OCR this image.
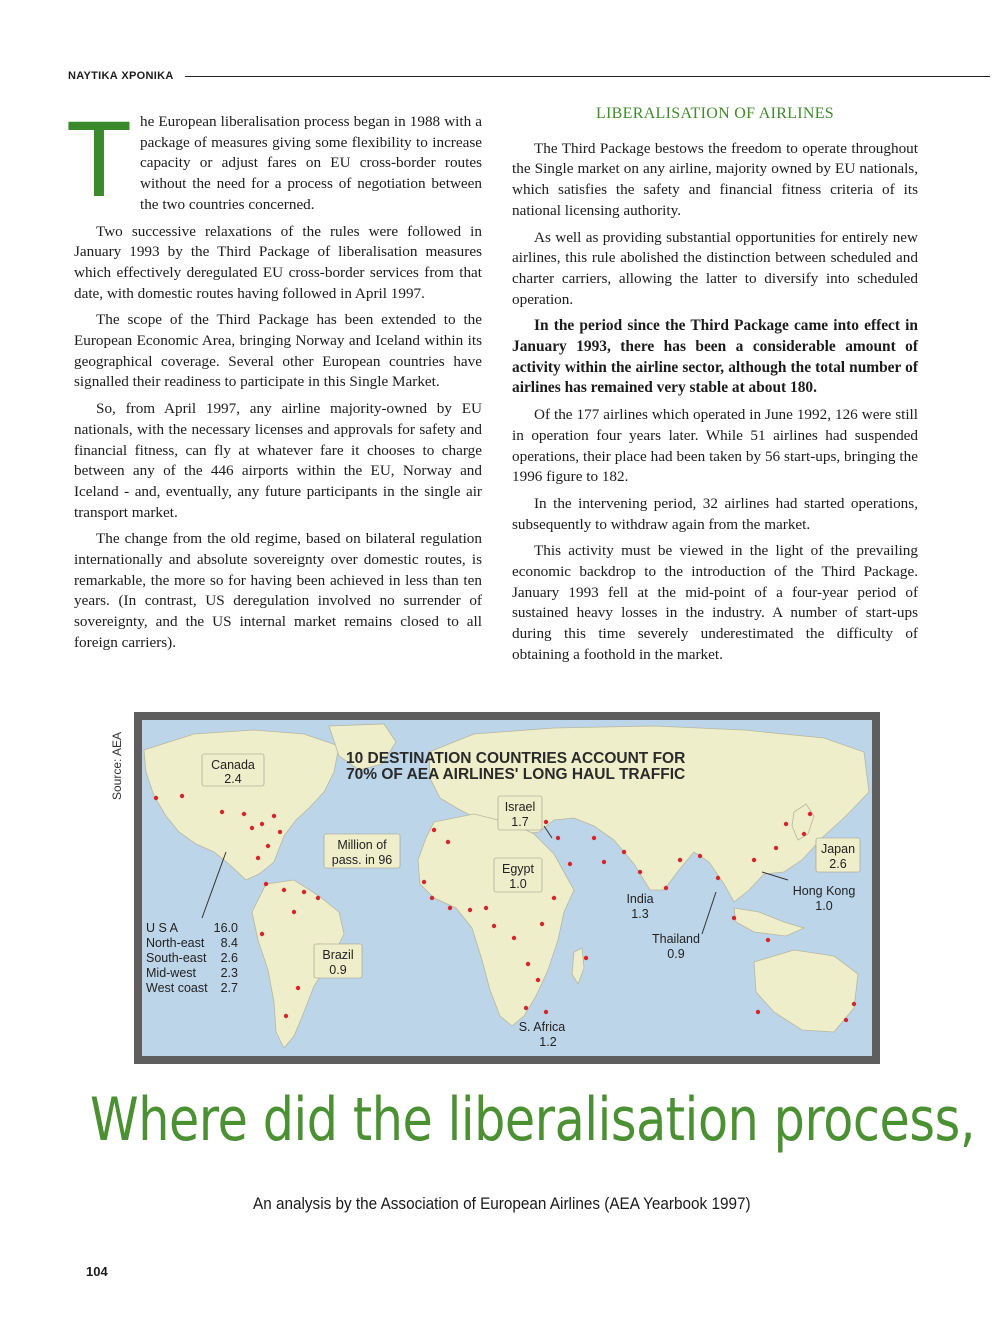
ΝΑΥΤΙΚΑ ΧΡΟΝΙΚΑ

The European liberalisation process began in 1988 with a package of measures giving some flexibility to increase capacity or adjust fares on EU cross-border routes without the need for a process of negotiation between the two countries concerned.

Two successive relaxations of the rules were followed in January 1993 by the Third Package of liberalisation measures which effectively deregulated EU cross-border services from that date, with domestic routes having followed in April 1997.

The scope of the Third Package has been extended to the European Economic Area, bringing Norway and Iceland within its geographical coverage. Several other European countries have signalled their readiness to participate in this Single Market.

So, from April 1997, any airline majority-owned by EU nationals, with the necessary licenses and approvals for safety and financial fitness, can fly at whatever fare it chooses to charge between any of the 446 airports within the EU, Norway and Iceland - and, eventually, any future participants in the single air transport market.

The change from the old regime, based on bilateral regulation internationally and absolute sovereignty over domestic routes, is remarkable, the more so for having been achieved in less than ten years. (In contrast, US deregulation involved no surrender of sovereignty, and the US internal market remains closed to all foreign carriers).

LIBERALISATION OF AIRLINES

The Third Package bestows the freedom to operate throughout the Single market on any airline, majority owned by EU nationals, which satisfies the safety and financial fitness criteria of its national licensing authority.

As well as providing substantial opportunities for entirely new airlines, this rule abolished the distinction between scheduled and charter carriers, allowing the latter to diversify into scheduled operation.

In the period since the Third Package came into effect in January 1993, there has been a considerable amount of activity within the airline sector, although the total number of airlines has remained very stable at about 180.

Of the 177 airlines which operated in June 1992, 126 were still in operation four years later. While 51 airlines had suspended operations, their place had been taken by 56 start-ups, bringing the 1996 figure to 182.

In the intervening period, 32 airlines had started operations, subsequently to withdraw again from the market.

This activity must be viewed in the light of the prevailing economic backdrop to the introduction of the Third Package. January 1993 fell at the mid-point of a four-year period of sustained heavy losses in the industry. A number of start-ups during this time severely underestimated the difficulty of obtaining a foothold in the market.

Source: AEA	10 DESTINATION COUNTRIES ACCOUNT FOR
70% OF AEA AIRLINES' LONG HAUL TRAFFIC
Canada
2.4
Israel
1.7
Egypt
1.0
Million of
pass. in 96
Brazil
0.9
India
1.3
Thailand
0.9
Japan
2.6
Hong Kong
1.0
S. Africa
1.2
U S A	16.0
North-east 8.4
South-east 2.6
Mid-west 2.3
West coast 2.7
Where did the liberalisation process,
An analysis by the Association of European Airlines (AEA Yearbook 1997)
104
